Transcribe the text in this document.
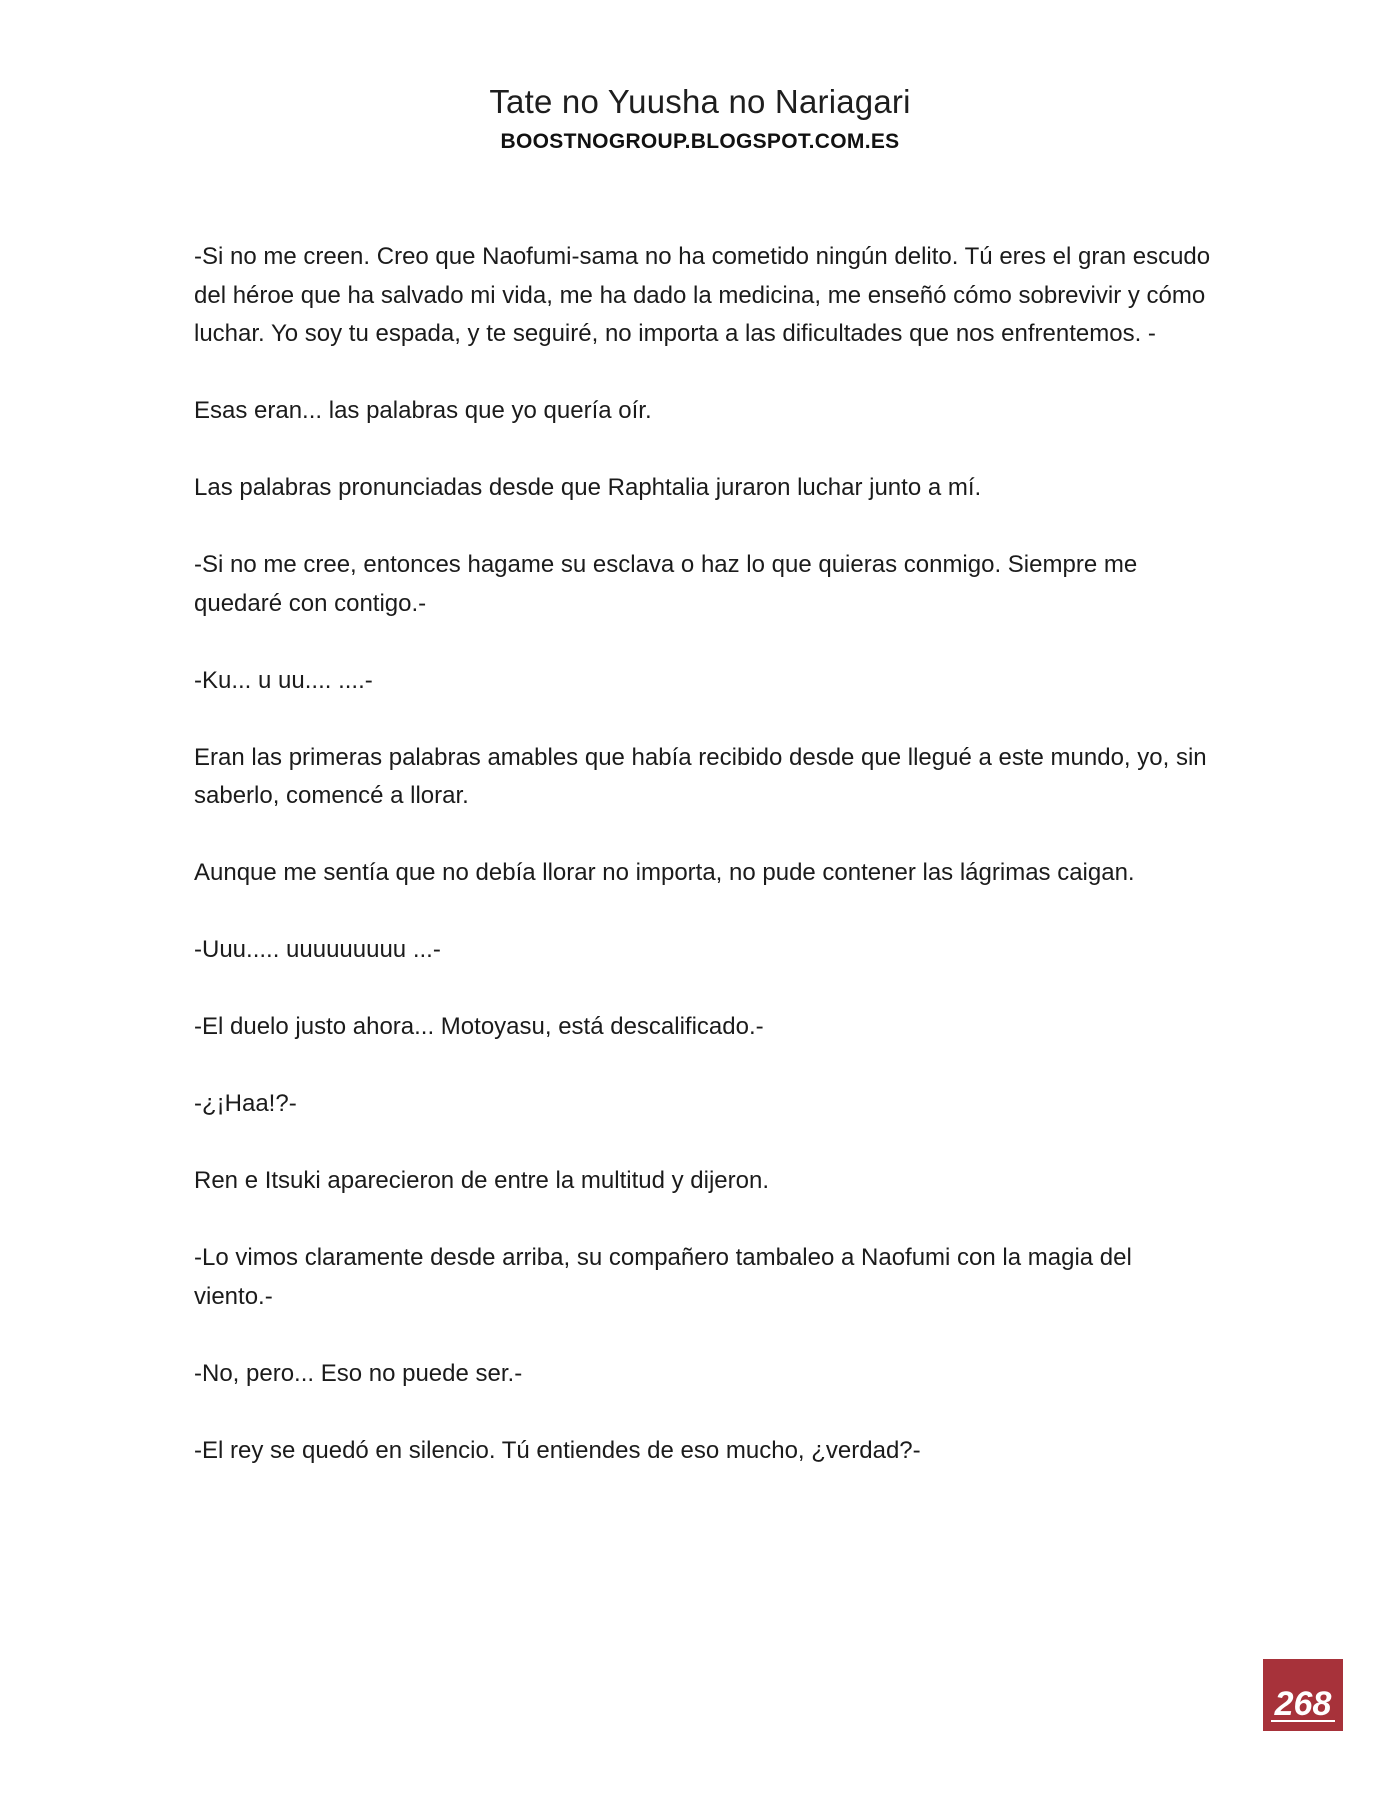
Tate no Yuusha no Nariagari
BOOSTNOGROUP.BLOGSPOT.COM.ES

-Si no me creen. Creo que Naofumi-sama no ha cometido ningún delito. Tú eres el gran escudo del héroe que ha salvado mi vida, me ha dado la medicina, me enseñó cómo sobrevivir y cómo luchar. Yo soy tu espada, y te seguiré, no importa a las dificultades que nos enfrentemos. -

Esas eran... las palabras que yo quería oír.

Las palabras pronunciadas desde que Raphtalia juraron luchar junto a mí.

-Si no me cree, entonces hagame su esclava o haz lo que quieras conmigo. Siempre me quedaré con contigo.-

-Ku... u uu.... ....-

Eran las primeras palabras amables que había recibido desde que llegué a este mundo, yo, sin saberlo, comencé a llorar.

Aunque me sentía que no debía llorar no importa, no pude contener las lágrimas caigan.

-Uuu..... uuuuuuuuu ...-

-El duelo justo ahora... Motoyasu, está descalificado.-

-¿¡Haa!?-

Ren e Itsuki aparecieron de entre la multitud y dijeron.

-Lo vimos claramente desde arriba, su compañero tambaleo a Naofumi con la magia del viento.-

-No, pero... Eso no puede ser.-

-El rey se quedó en silencio. Tú entiendes de eso mucho, ¿verdad?-

268
